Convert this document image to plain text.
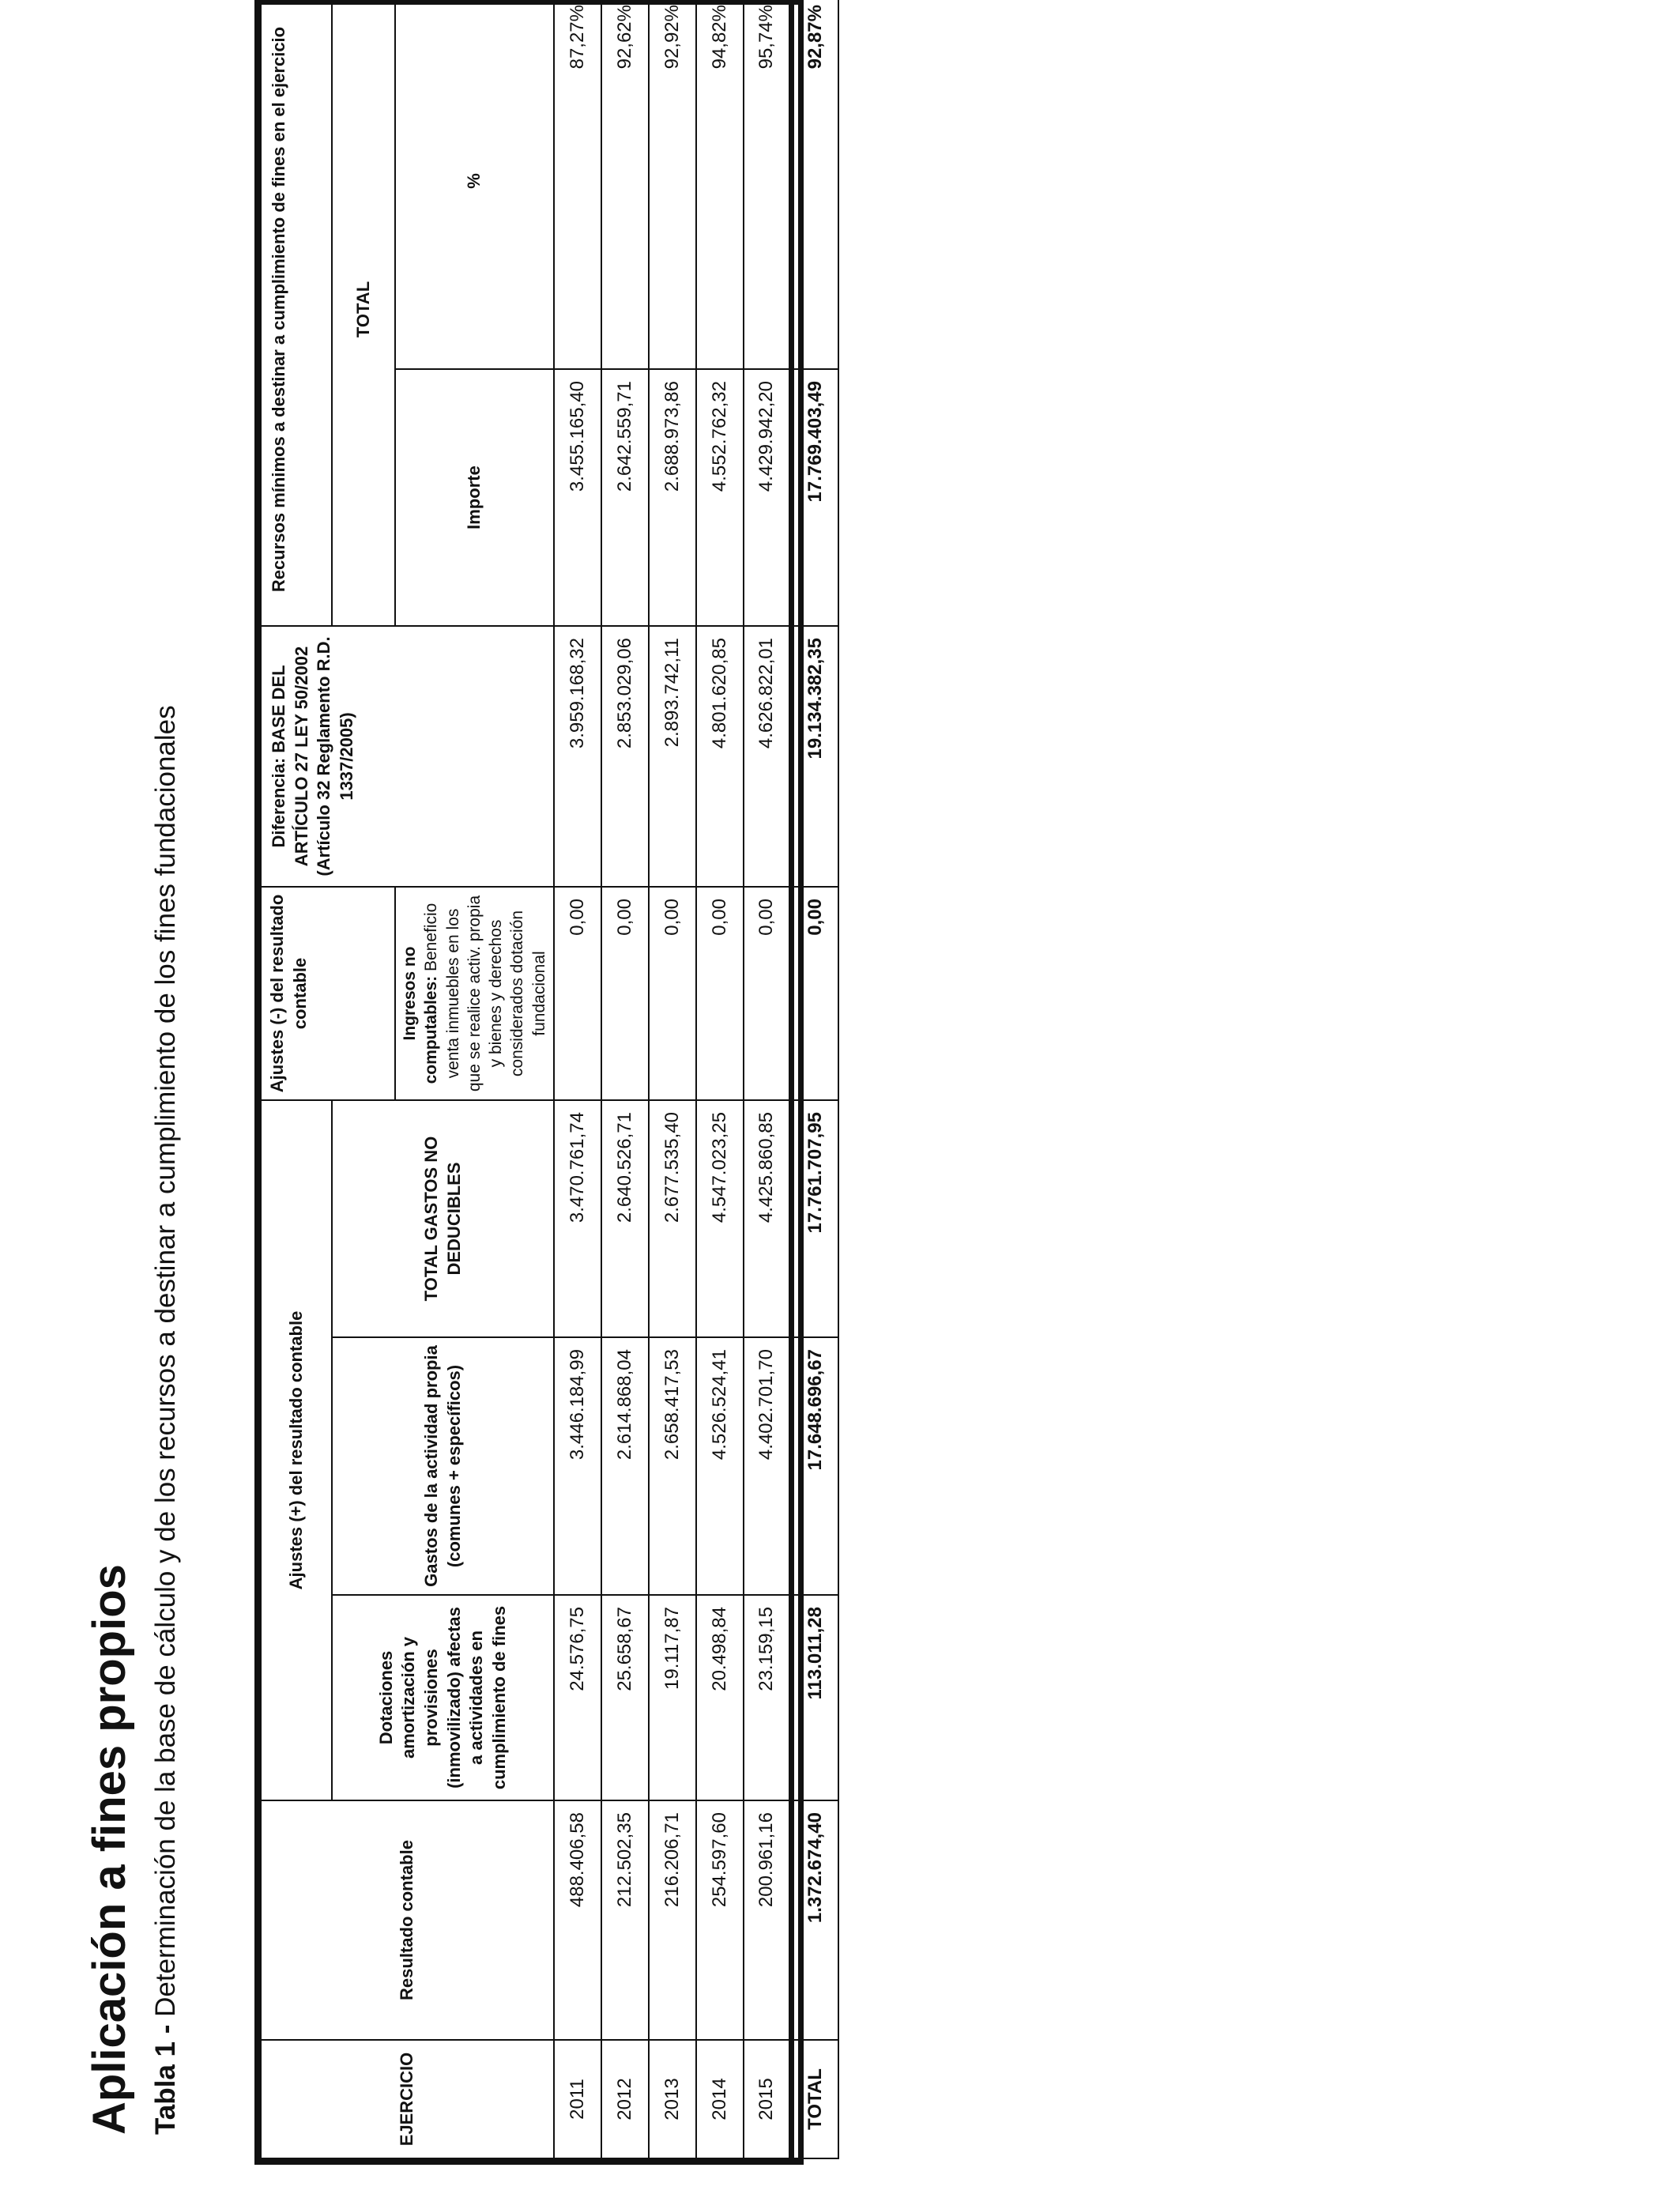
Aplicación a fines propios Tabla 1 - Determinación de la base de cálculo y de los recursos a destinar a cumplimiento de los fines fundacionales
EJERCICIO	Resultado contable	Ajustes (+) del resultado contable			Ajustes (-) del resultado contable	Diferencia: BASE DEL ARTÍCULO 27 LEY 50/2002 (Artículo 32 Reglamento R.D. 1337/2005)	Recursos mínimos a destinar a cumplimiento de fines en el ejercicio	
		Dotaciones amortización y provisiones (inmovilizado) afectas a actividades en cumplimiento de fines	Gastos de la actividad propia (comunes + específicos)	TOTAL GASTOS NO DEDUCIBLES			TOTAL	
					Ingresos no computables: Beneficio venta inmuebles en los que se realice activ. propia y bienes y derechos considerados dotación fundacional		Importe	%
2011	488.406,58	24.576,75	3.446.184,99	3.470.761,74	0,00	3.959.168,32	3.455.165,40	87,27%
2012	212.502,35	25.658,67	2.614.868,04	2.640.526,71	0,00	2.853.029,06	2.642.559,71	92,62%
2013	216.206,71	19.117,87	2.658.417,53	2.677.535,40	0,00	2.893.742,11	2.688.973,86	92,92%
2014	254.597,60	20.498,84	4.526.524,41	4.547.023,25	0,00	4.801.620,85	4.552.762,32	94,82%
2015	200.961,16	23.159,15	4.402.701,70	4.425.860,85	0,00	4.626.822,01	4.429.942,20	95,74%
TOTAL	1.372.674,40	113.011,28	17.648.696,67	17.761.707,95	0,00	19.134.382,35	17.769.403,49	92,87%
